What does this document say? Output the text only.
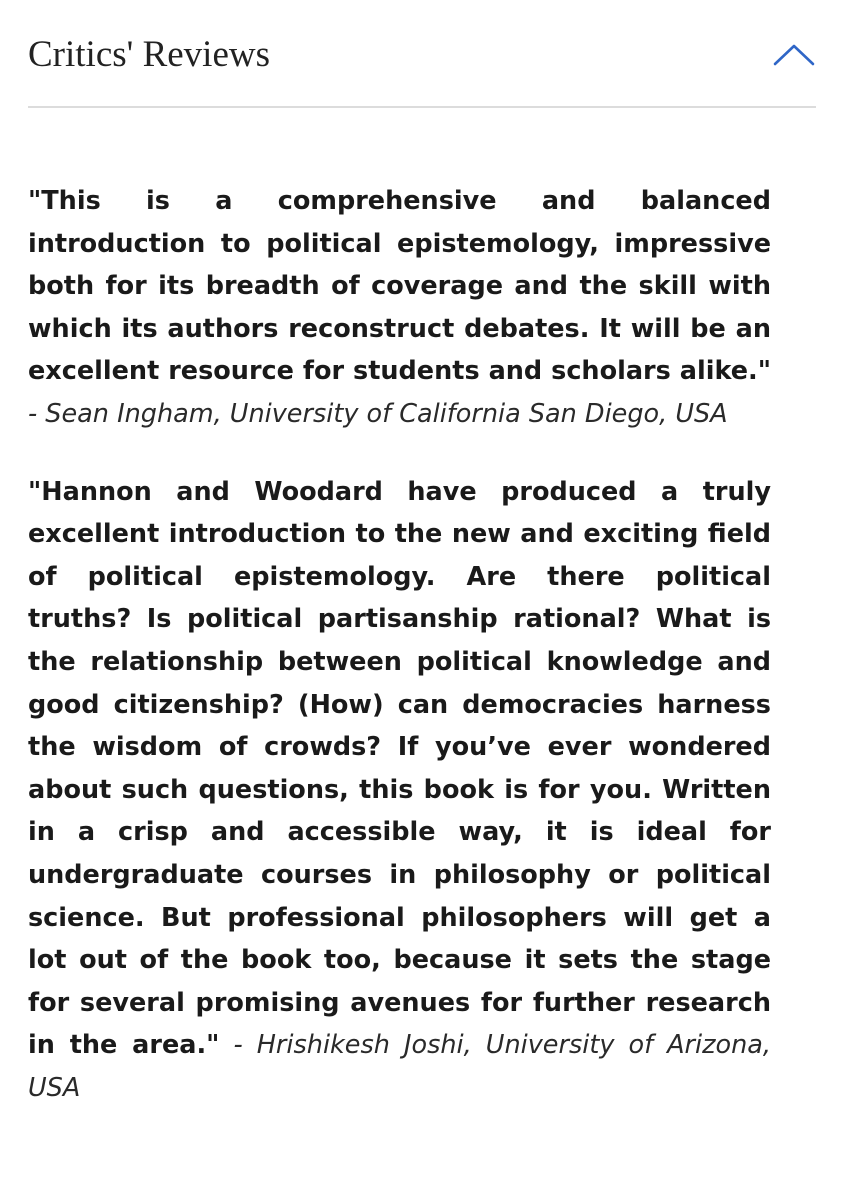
Critics' Reviews

"This is a comprehensive and balanced introduction to political epistemology, impressive both for its breadth of coverage and the skill with which its authors reconstruct debates. It will be an excellent resource for students and scholars alike." - Sean Ingham, University of California San Diego, USA

"Hannon and Woodard have produced a truly excellent introduction to the new and exciting field of political epistemology. Are there political truths? Is political partisanship rational? What is the relationship between political knowledge and good citizenship? (How) can democracies harness the wisdom of crowds? If you’ve ever wondered about such questions, this book is for you. Written in a crisp and accessible way, it is ideal for undergraduate courses in philosophy or political science. But professional philosophers will get a lot out of the book too, because it sets the stage for several promising avenues for further research in the area." - Hrishikesh Joshi, University of Arizona, USA
